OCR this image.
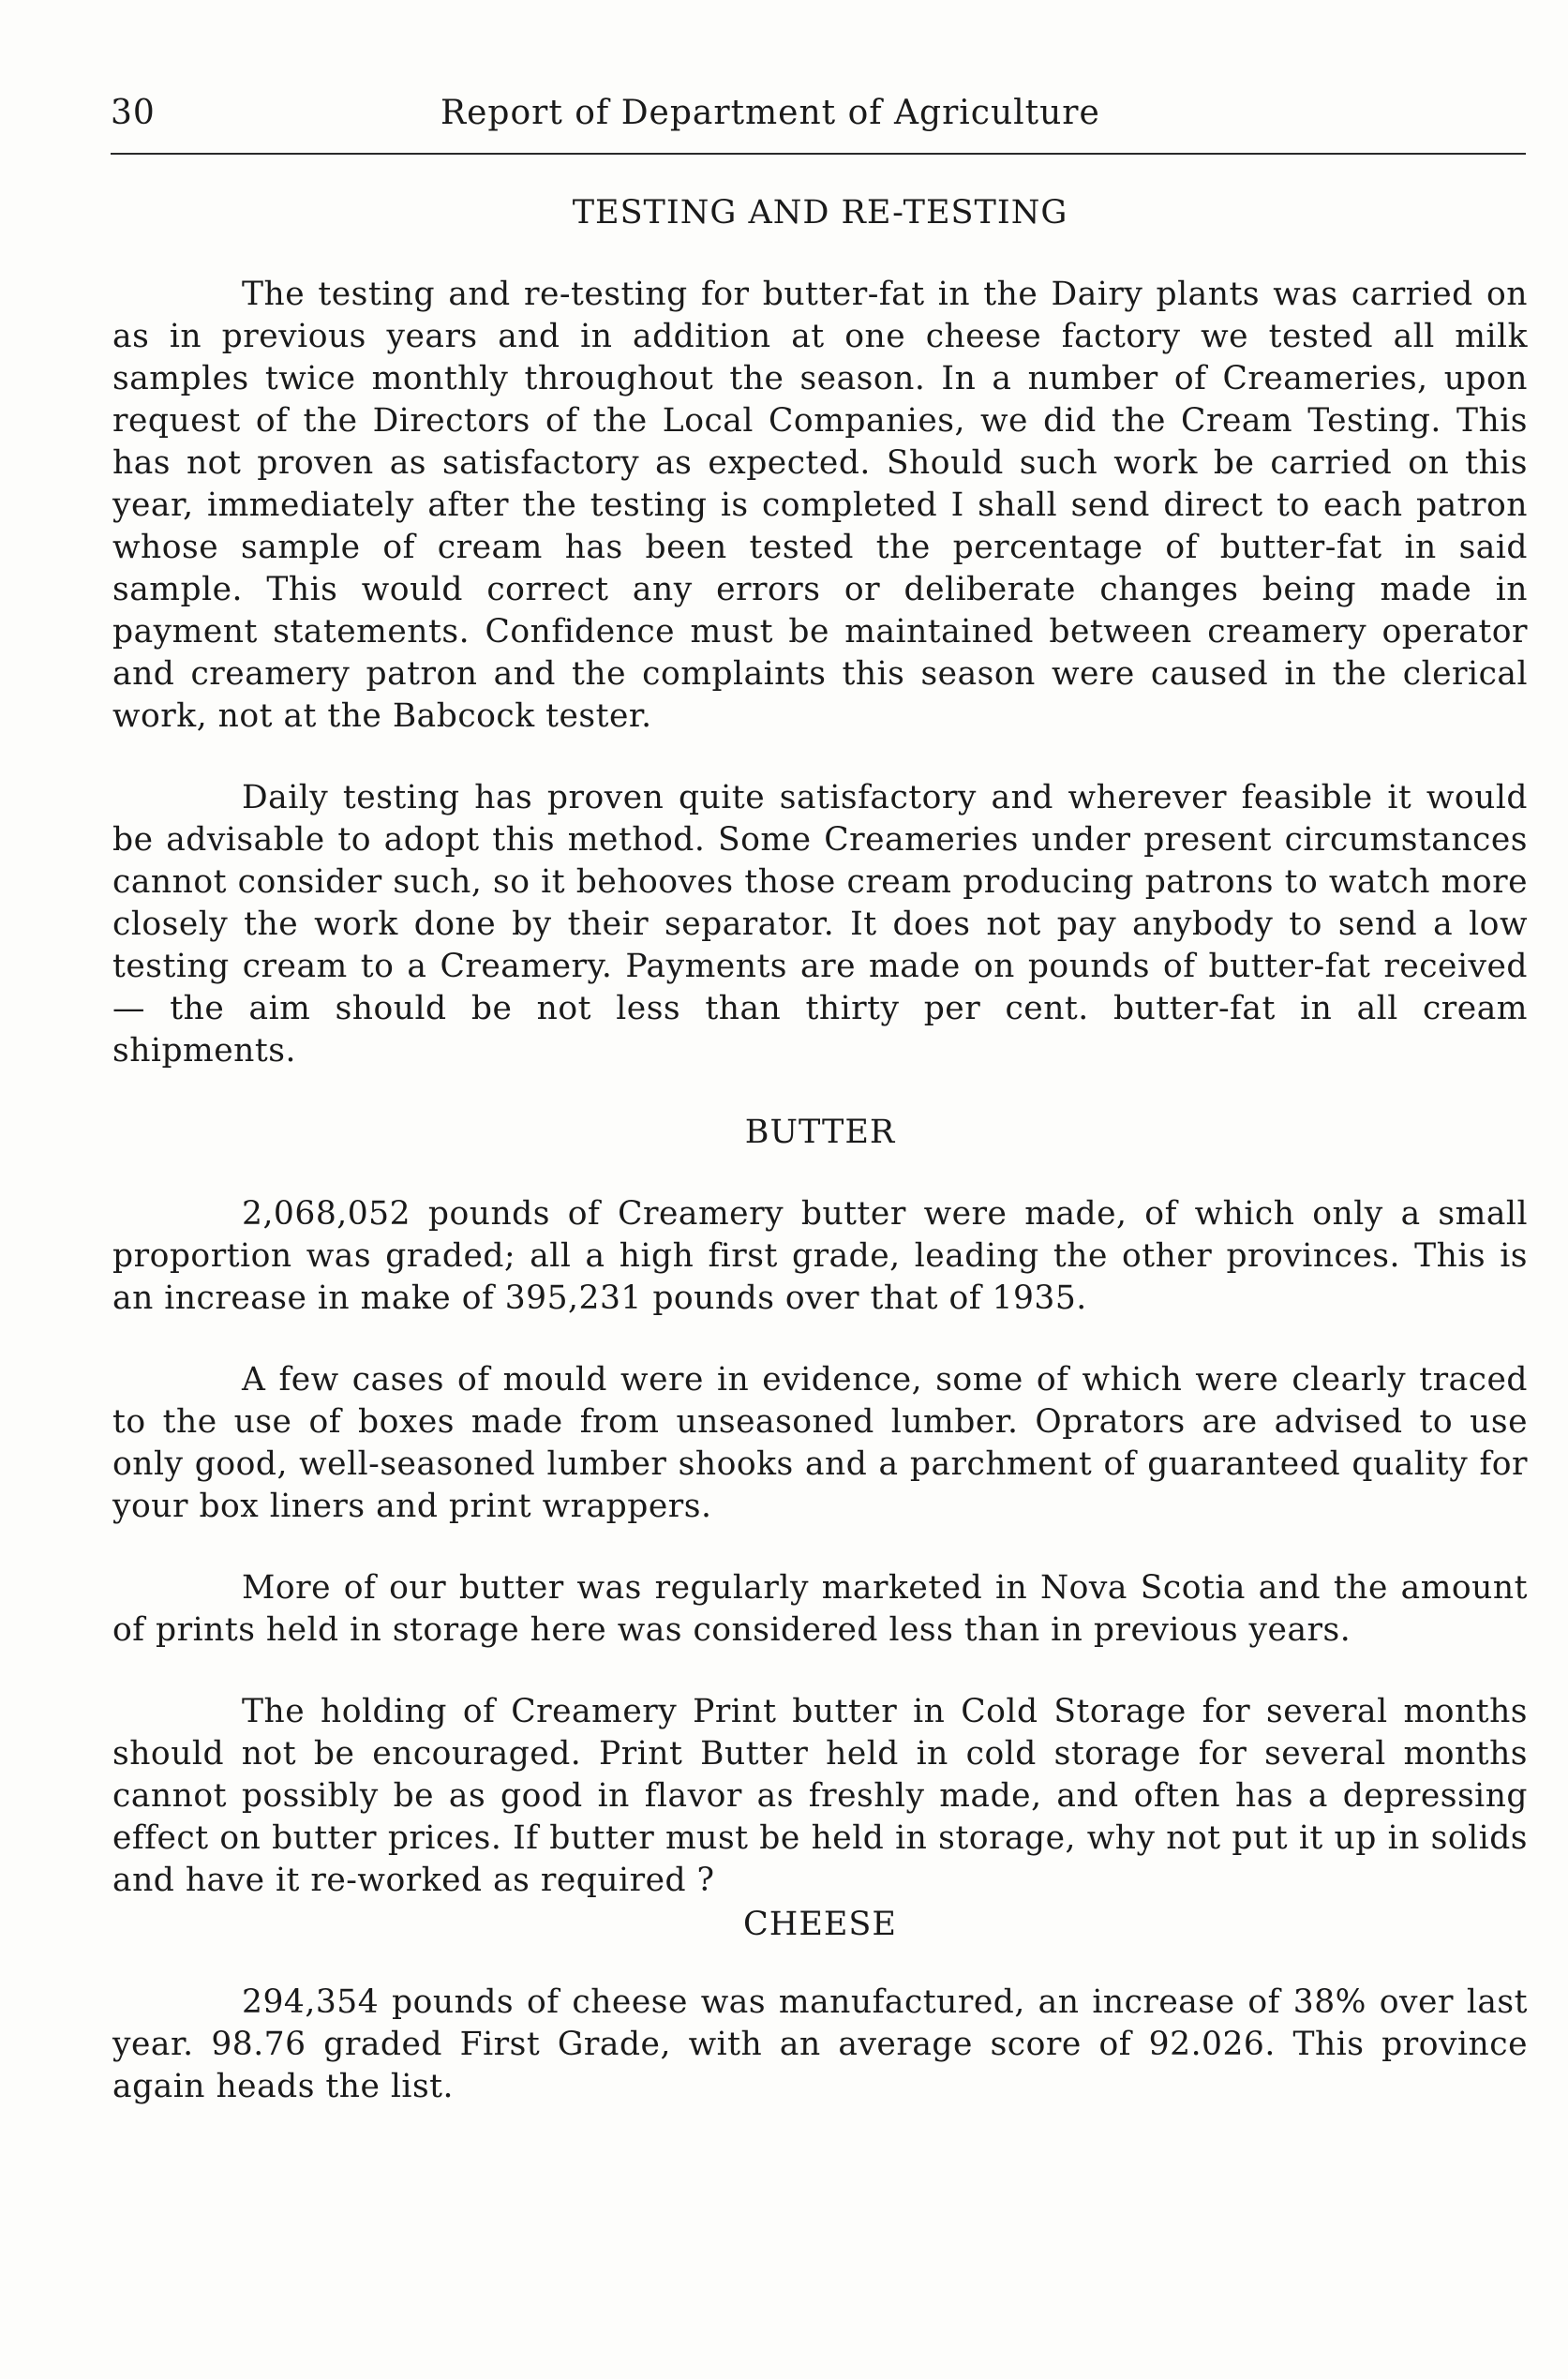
30	Report of Department of Agriculture
TESTING AND RE-TESTING

The testing and re-testing for butter-fat in the Dairy plants was carried on as in previous years and in addition at one cheese factory we tested all milk samples twice monthly throughout the season. In a number of Creameries, upon request of the Directors of the Local Companies, we did the Cream Testing. This has not proven as satisfactory as expected. Should such work be carried on this year, immediately after the testing is completed I shall send direct to each patron whose sample of cream has been tested the percentage of butter-fat in said sample. This would correct any errors or deliberate changes being made in payment statements. Confidence must be maintained between creamery operator and creamery patron and the complaints this season were caused in the clerical work, not at the Babcock tester.

Daily testing has proven quite satisfactory and wherever feasible it would be advisable to adopt this method. Some Creameries under present circumstances cannot consider such, so it behooves those cream producing patrons to watch more closely the work done by their separator. It does not pay anybody to send a low testing cream to a Creamery. Payments are made on pounds of butter-fat received — the aim should be not less than thirty per cent. butter-fat in all cream shipments.

BUTTER

2,068,052 pounds of Creamery butter were made, of which only a small proportion was graded; all a high first grade, leading the other provinces. This is an increase in make of 395,231 pounds over that of 1935.

A few cases of mould were in evidence, some of which were clearly traced to the use of boxes made from unseasoned lumber. Oprators are advised to use only good, well-seasoned lumber shooks and a parchment of guaranteed quality for your box liners and print wrappers.

More of our butter was regularly marketed in Nova Scotia and the amount of prints held in storage here was considered less than in previous years.

The holding of Creamery Print butter in Cold Storage for several months should not be encouraged. Print Butter held in cold storage for several months cannot possibly be as good in flavor as freshly made, and often has a depressing effect on butter prices. If butter must be held in storage, why not put it up in solids and have it re-worked as required ?

CHEESE

294,354 pounds of cheese was manufactured, an increase of 38% over last year. 98.76 graded First Grade, with an average score of 92.026. This province again heads the list.
